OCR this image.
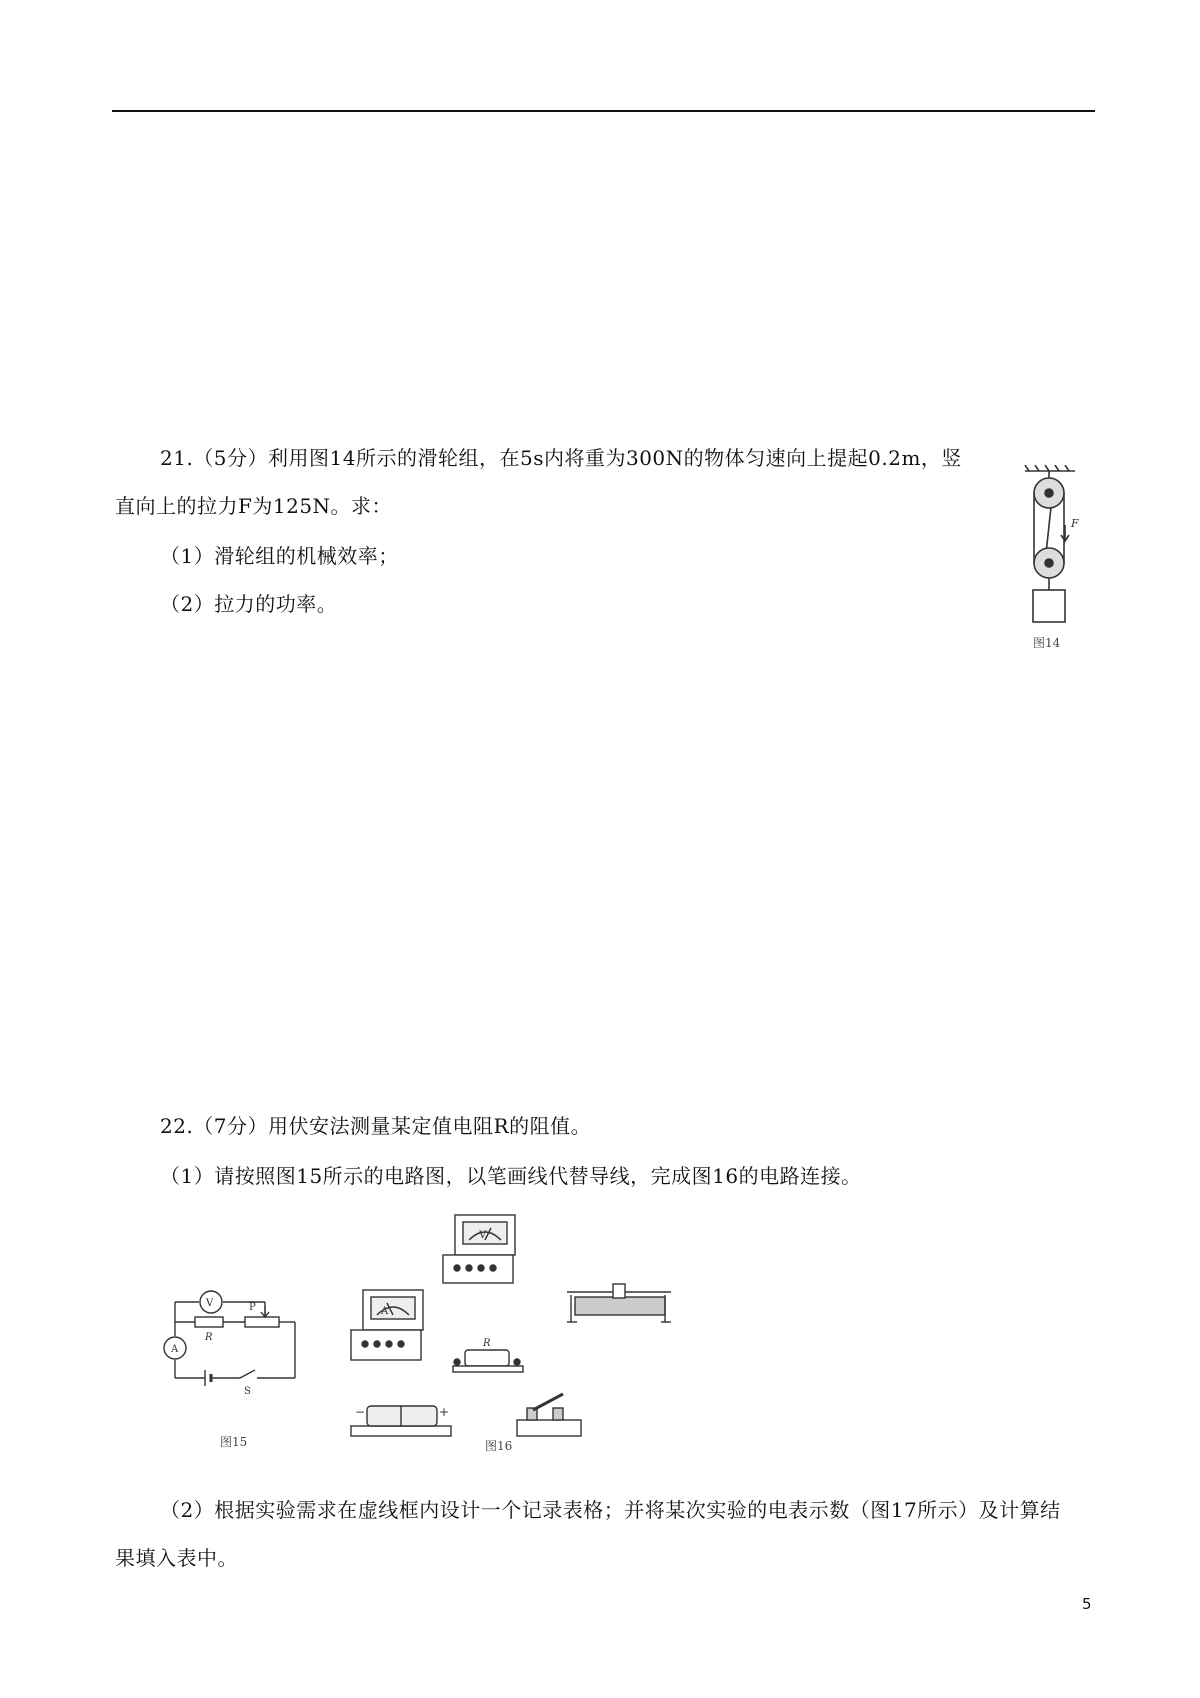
21.（5分）利用图14所示的滑轮组，在5s内将重为300N的物体匀速向上提起0.2m，竖
直向上的拉力F为125N。求：
（1）滑轮组的机械效率；
（2）拉力的功率。
F
图14
22.（7分）用伏安法测量某定值电阻R的阻值。
（1）请按照图15所示的电路图，以笔画线代替导线，完成图16的电路连接。
V
A
R
P
S
图15
V
A
R
−	+
图16
（2）根据实验需求在虚线框内设计一个记录表格；并将某次实验的电表示数（图17所示）及计算结
果填入表中。
5
